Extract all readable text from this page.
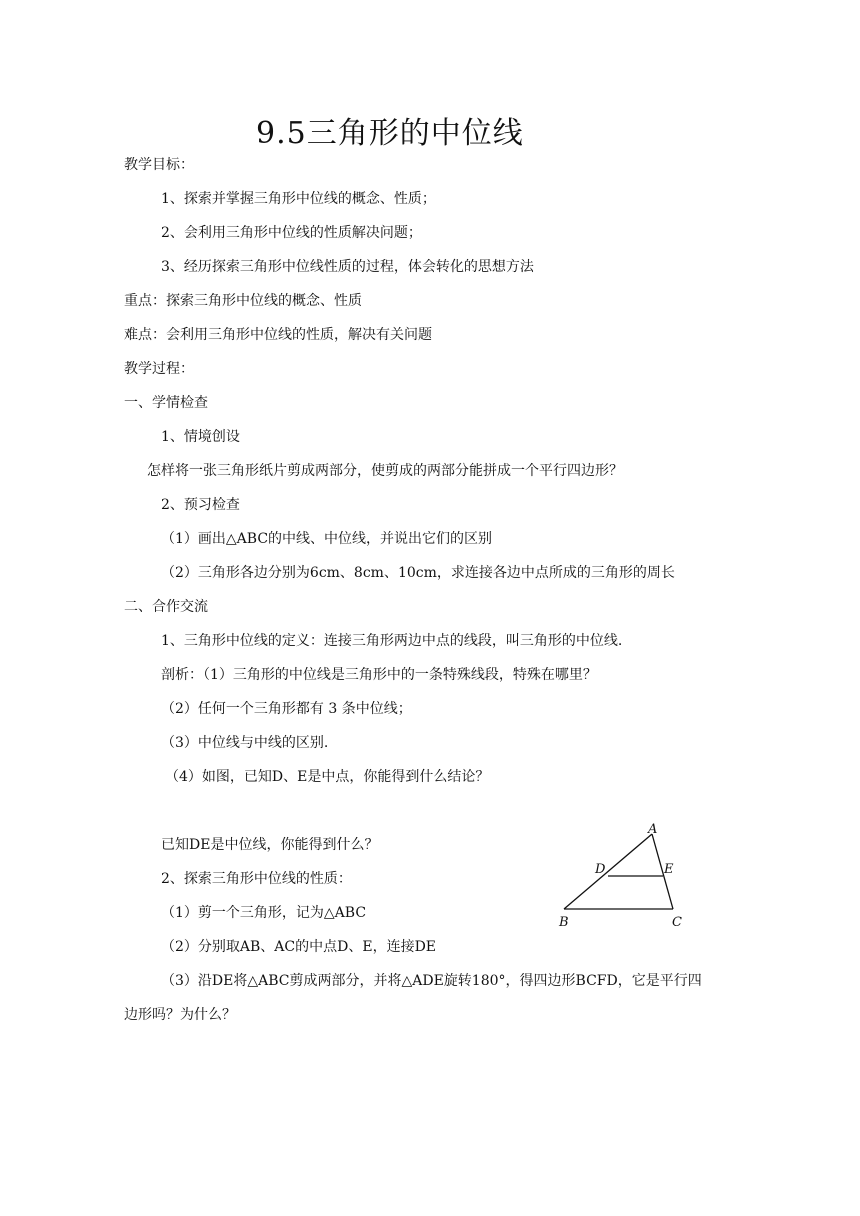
9.5三角形的中位线
教学目标：
1、探索并掌握三角形中位线的概念、性质；
2、会利用三角形中位线的性质解决问题；
3、经历探索三角形中位线性质的过程，体会转化的思想方法
重点：探索三角形中位线的概念、性质
难点：会利用三角形中位线的性质，解决有关问题
教学过程：
一、学情检查
1、情境创设
怎样将一张三角形纸片剪成两部分，使剪成的两部分能拼成一个平行四边形？
2、预习检查
（1）画出△ABC的中线、中位线，并说出它们的区别
（2）三角形各边分别为6cm、8cm、10cm，求连接各边中点所成的三角形的周长
二、合作交流
1、三角形中位线的定义：连接三角形两边中点的线段，叫三角形的中位线.
剖析：（1）三角形的中位线是三角形中的一条特殊线段，特殊在哪里？
（2）任何一个三角形都有 3 条中位线；
（3）中位线与中线的区别.
（4）如图，已知D、E是中点，你能得到什么结论？
已知DE是中位线，你能得到什么？
2、探索三角形中位线的性质：
（1）剪一个三角形，记为△ABC
（2）分别取AB、AC的中点D、E，连接DE
（3）沿DE将△ABC剪成两部分，并将△ADE旋转180°，得四边形BCFD，它是平行四
边形吗？为什么？
A
B	C
D	E
